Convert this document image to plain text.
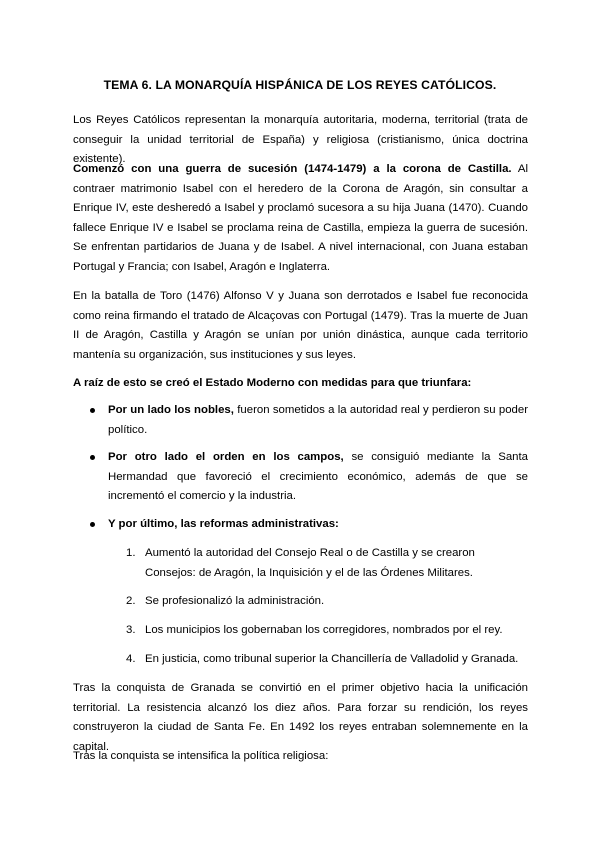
TEMA 6. LA MONARQUÍA HISPÁNICA DE LOS REYES CATÓLICOS.

Los Reyes Católicos representan la monarquía autoritaria, moderna, territorial (trata de conseguir la unidad territorial de España) y religiosa (cristianismo, única doctrina existente).

Comenzó con una guerra de sucesión (1474-1479) a la corona de Castilla. Al contraer matrimonio Isabel con el heredero de la Corona de Aragón, sin consultar a Enrique IV, este desheredó a Isabel y proclamó sucesora a su hija Juana (1470). Cuando fallece Enrique IV e Isabel se proclama reina de Castilla, empieza la guerra de sucesión. Se enfrentan partidarios de Juana y de Isabel. A nivel internacional, con Juana estaban Portugal y Francia; con Isabel, Aragón e Inglaterra.

En la batalla de Toro (1476) Alfonso V y Juana son derrotados e Isabel fue reconocida como reina firmando el tratado de Alcaçovas con Portugal (1479). Tras la muerte de Juan II de Aragón, Castilla y Aragón se unían por unión dinástica, aunque cada territorio mantenía su organización, sus instituciones y sus leyes.

A raíz de esto se creó el Estado Moderno con medidas para que triunfara:

Por un lado los nobles, fueron sometidos a la autoridad real y perdieron su poder político.
Por otro lado el orden en los campos, se consiguió mediante la Santa Hermandad que favoreció el crecimiento económico, además de que se incrementó el comercio y la industria.
Y por último, las reformas administrativas:
1. Aumentó la autoridad del Consejo Real o de Castilla y se crearon Consejos: de Aragón, la Inquisición y el de las Órdenes Militares.
2. Se profesionalizó la administración.
3. Los municipios los gobernaban los corregidores, nombrados por el rey.
4. En justicia, como tribunal superior la Chancillería de Valladolid y Granada.

Tras la conquista de Granada se convirtió en el primer objetivo hacia la unificación territorial. La resistencia alcanzó los diez años. Para forzar su rendición, los reyes construyeron la ciudad de Santa Fe. En 1492 los reyes entraban solemnemente en la capital.

Tras la conquista se intensifica la política religiosa:
